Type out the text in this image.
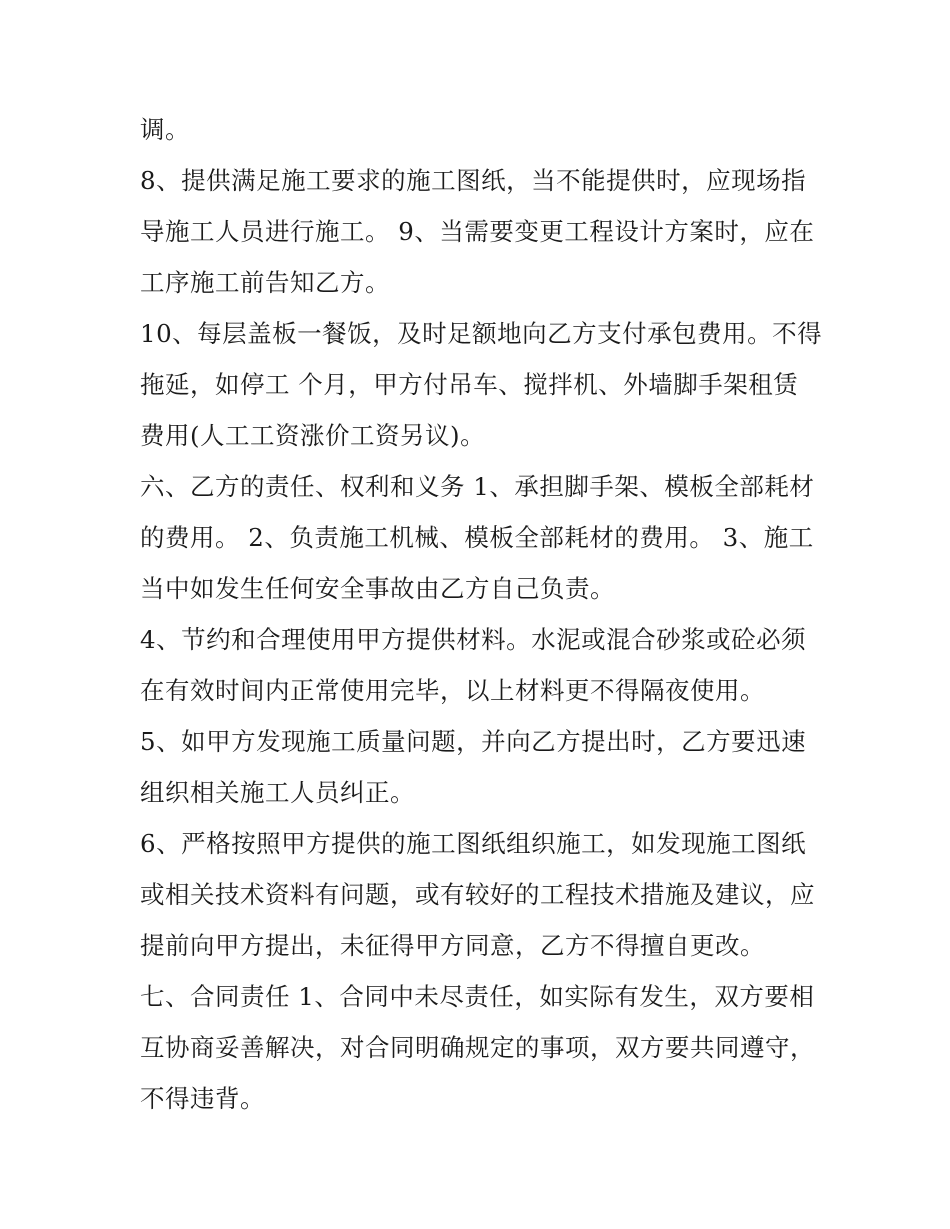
调。
8、提供满足施工要求的施工图纸，当不能提供时，应现场指
导施工人员进行施工。 9、当需要变更工程设计方案时，应在
工序施工前告知乙方。
10、每层盖板一餐饭，及时足额地向乙方支付承包费用。不得
拖延，如停工 个月，甲方付吊车、搅拌机、外墙脚手架租赁
费用(人工工资涨价工资另议)。
六、乙方的责任、权利和义务 1、承担脚手架、模板全部耗材
的费用。 2、负责施工机械、模板全部耗材的费用。 3、施工
当中如发生任何安全事故由乙方自己负责。
4、节约和合理使用甲方提供材料。水泥或混合砂浆或砼必须
在有效时间内正常使用完毕，以上材料更不得隔夜使用。
5、如甲方发现施工质量问题，并向乙方提出时，乙方要迅速
组织相关施工人员纠正。
6、严格按照甲方提供的施工图纸组织施工，如发现施工图纸
或相关技术资料有问题，或有较好的工程技术措施及建议，应
提前向甲方提出，未征得甲方同意，乙方不得擅自更改。
七、合同责任 1、合同中未尽责任，如实际有发生，双方要相
互协商妥善解决，对合同明确规定的事项，双方要共同遵守，
不得违背。
